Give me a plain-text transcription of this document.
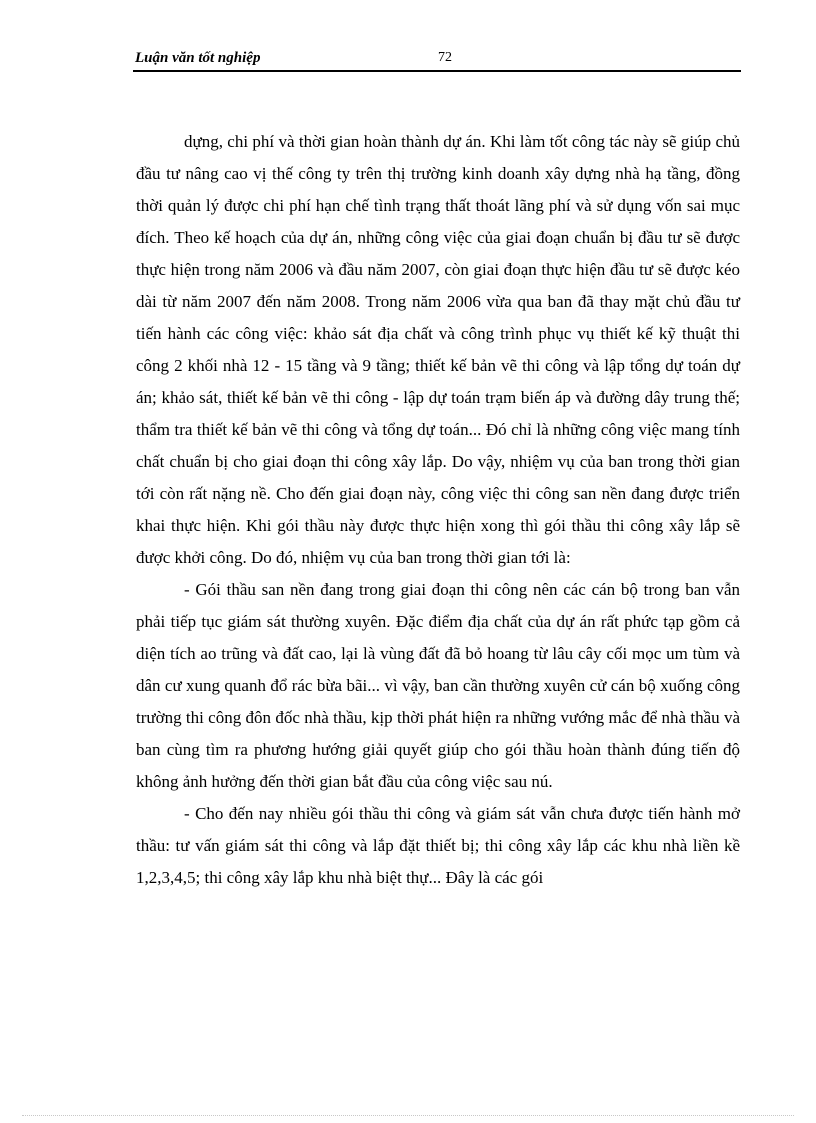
Luận văn tốt nghiệp	72

dựng, chi phí và thời gian hoàn thành dự án. Khi làm tốt công tác này sẽ giúp chủ đầu tư nâng cao vị thế công ty trên thị trường kinh doanh xây dựng nhà hạ tầng, đồng thời quản lý được chi phí hạn chế tình trạng thất thoát lãng phí và sử dụng vốn sai mục đích. Theo kế hoạch của dự án, những công việc của giai đoạn chuẩn bị đầu tư sẽ được thực hiện trong năm 2006 và đầu năm 2007, còn giai đoạn thực hiện đầu tư sẽ được kéo dài từ năm 2007 đến năm 2008. Trong năm 2006 vừa qua ban đã thay mặt chủ đầu tư tiến hành các công việc: khảo sát địa chất và công trình phục vụ thiết kế kỹ thuật thi công 2 khối nhà 12 - 15 tầng và 9 tầng; thiết kế bản vẽ thi công và lập tổng dự toán dự án; khảo sát, thiết kế bản vẽ thi công - lập dự toán trạm biến áp và đường dây trung thế; thẩm tra thiết kế bản vẽ thi công và tổng dự toán... Đó chỉ là những công việc mang tính chất chuẩn bị cho giai đoạn thi công xây lắp. Do vậy, nhiệm vụ của ban trong thời gian tới còn rất nặng nề. Cho đến giai đoạn này, công việc thi công san nền đang được triển khai thực hiện. Khi gói thầu này được thực hiện xong thì gói thầu thi công xây lắp sẽ được khởi công. Do đó, nhiệm vụ của ban trong thời gian tới là:

- Gói thầu san nền đang trong giai đoạn thi công nên các cán bộ trong ban vẫn phải tiếp tục giám sát thường xuyên. Đặc điểm địa chất của dự án rất phức tạp gồm cả diện tích ao trũng và đất cao, lại là vùng đất đã bỏ hoang từ lâu cây cối mọc um tùm và dân cư xung quanh đổ rác bừa bãi... vì vậy, ban cần thường xuyên cử cán bộ xuống công trường thi công đôn đốc nhà thầu, kịp thời phát hiện ra những vướng mắc để nhà thầu và ban cùng tìm ra phương hướng giải quyết giúp cho gói thầu hoàn thành đúng tiến độ không ảnh hưởng đến thời gian bắt đầu của công việc sau nú.

- Cho đến nay nhiều gói thầu thi công và giám sát vẫn chưa được tiến hành mở thầu: tư vấn giám sát thi công và lắp đặt thiết bị; thi công xây lắp các khu nhà liền kề 1,2,3,4,5; thi công xây lắp khu nhà biệt thự... Đây là các gói
